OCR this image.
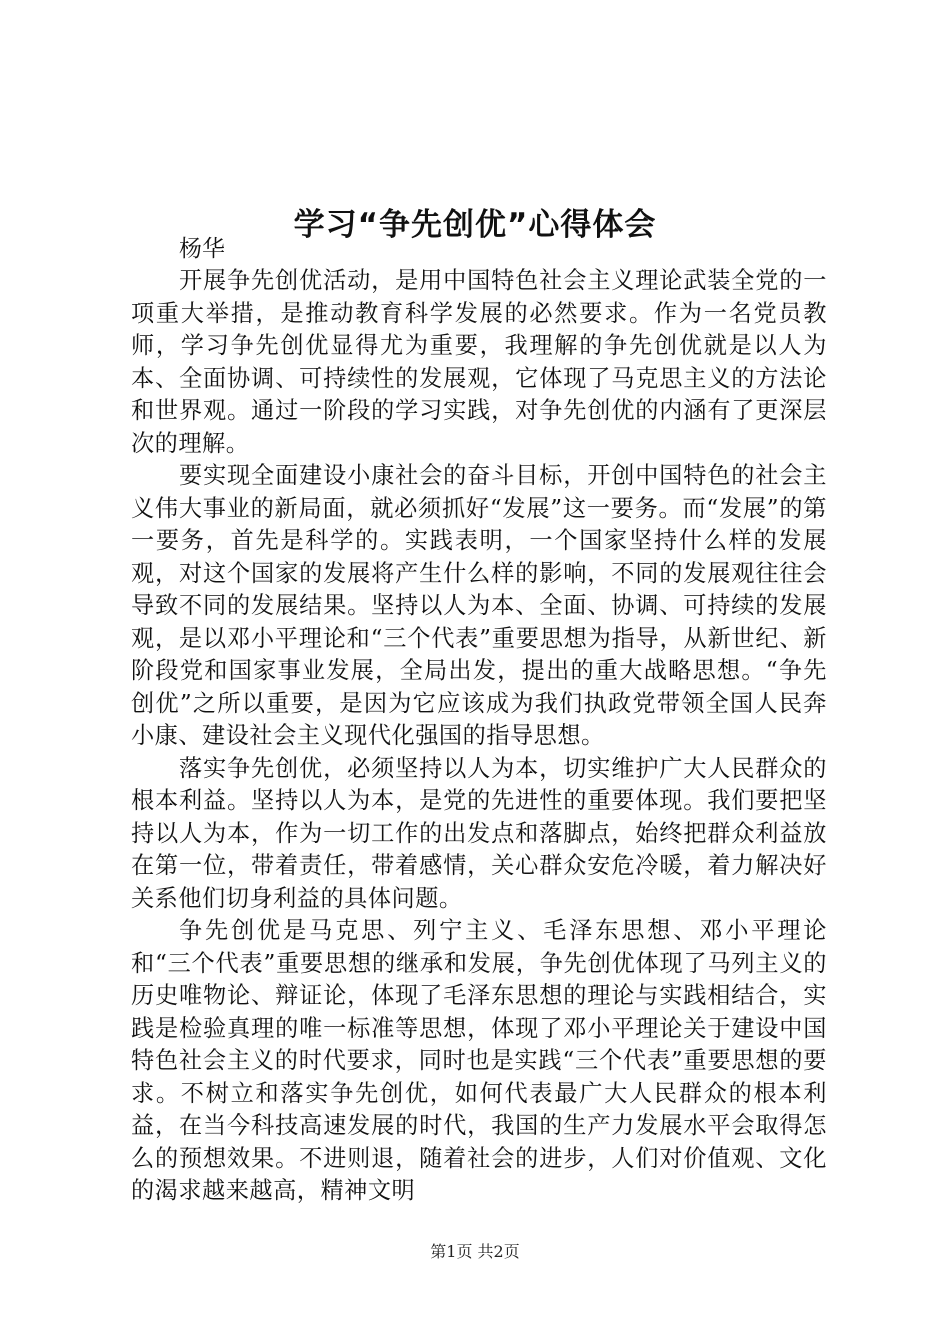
学习“争先创优”心得体会

杨华

开展争先创优活动，是用中国特色社会主义理论武装全党的一项重大举措，是推动教育科学发展的必然要求。作为一名党员教师，学习争先创优显得尤为重要，我理解的争先创优就是以人为本、全面协调、可持续性的发展观，它体现了马克思主义的方法论和世界观。通过一阶段的学习实践，对争先创优的内涵有了更深层次的理解。

要实现全面建设小康社会的奋斗目标，开创中国特色的社会主义伟大事业的新局面，就必须抓好“发展”这一要务。而“发展”的第一要务，首先是科学的。实践表明，一个国家坚持什么样的发展观，对这个国家的发展将产生什么样的影响，不同的发展观往往会导致不同的发展结果。坚持以人为本、全面、协调、可持续的发展观，是以邓小平理论和“三个代表”重要思想为指导，从新世纪、新阶段党和国家事业发展，全局出发，提出的重大战略思想。“争先创优”之所以重要，是因为它应该成为我们执政党带领全国人民奔小康、建设社会主义现代化强国的指导思想。

落实争先创优，必须坚持以人为本，切实维护广大人民群众的根本利益。坚持以人为本，是党的先进性的重要体现。我们要把坚持以人为本，作为一切工作的出发点和落脚点，始终把群众利益放在第一位，带着责任，带着感情，关心群众安危冷暖，着力解决好关系他们切身利益的具体问题。

争先创优是马克思、列宁主义、毛泽东思想、邓小平理论和“三个代表”重要思想的继承和发展，争先创优体现了马列主义的历史唯物论、辩证论，体现了毛泽东思想的理论与实践相结合，实践是检验真理的唯一标准等思想，体现了邓小平理论关于建设中国特色社会主义的时代要求，同时也是实践“三个代表”重要思想的要求。不树立和落实争先创优，如何代表最广大人民群众的根本利益，在当今科技高速发展的时代，我国的生产力发展水平会取得怎么的预想效果。不进则退，随着社会的进步，人们对价值观、文化的渴求越来越高，精神文明

第1页 共2页
